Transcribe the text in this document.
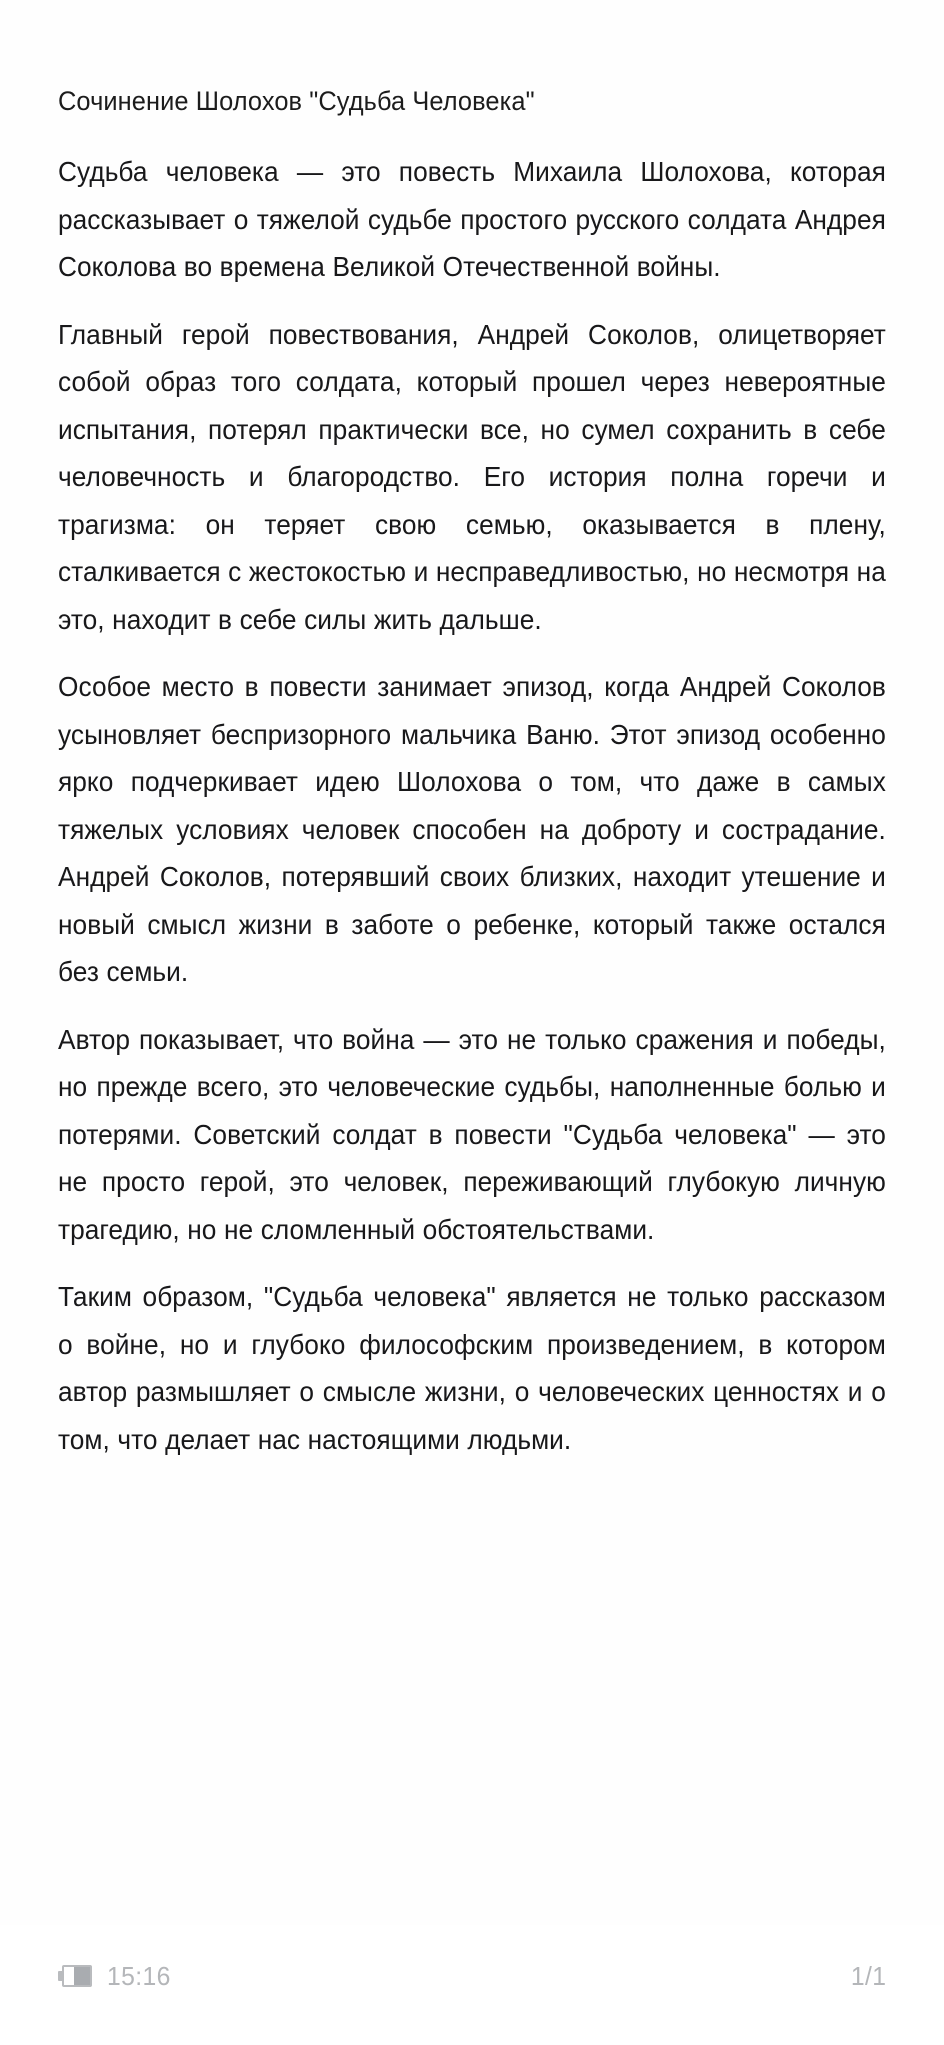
Сочинение Шолохов "Судьба Человека"

Судьба человека — это повесть Михаила Шолохова, которая рассказывает о тяжелой судьбе простого русского солдата Андрея Соколова во времена Великой Отечественной войны.

Главный герой повествования, Андрей Соколов, олицетворяет собой образ того солдата, который прошел через невероятные испытания, потерял практически все, но сумел сохранить в себе человечность и благородство. Его история полна горечи и трагизма: он теряет свою семью, оказывается в плену, сталкивается с жестокостью и несправедливостью, но несмотря на это, находит в себе силы жить дальше.

Особое место в повести занимает эпизод, когда Андрей Соколов усыновляет беспризорного мальчика Ваню. Этот эпизод особенно ярко подчеркивает идею Шолохова о том, что даже в самых тяжелых условиях человек способен на доброту и сострадание. Андрей Соколов, потерявший своих близких, находит утешение и новый смысл жизни в заботе о ребенке, который также остался без семьи.

Автор показывает, что война — это не только сражения и победы, но прежде всего, это человеческие судьбы, наполненные болью и потерями. Советский солдат в повести "Судьба человека" — это не просто герой, это человек, переживающий глубокую личную трагедию, но не сломленный обстоятельствами.

Таким образом, "Судьба человека" является не только рассказом о войне, но и глубоко философским произведением, в котором автор размышляет о смысле жизни, о человеческих ценностях и о том, что делает нас настоящими людьми.

15:16	1/1
